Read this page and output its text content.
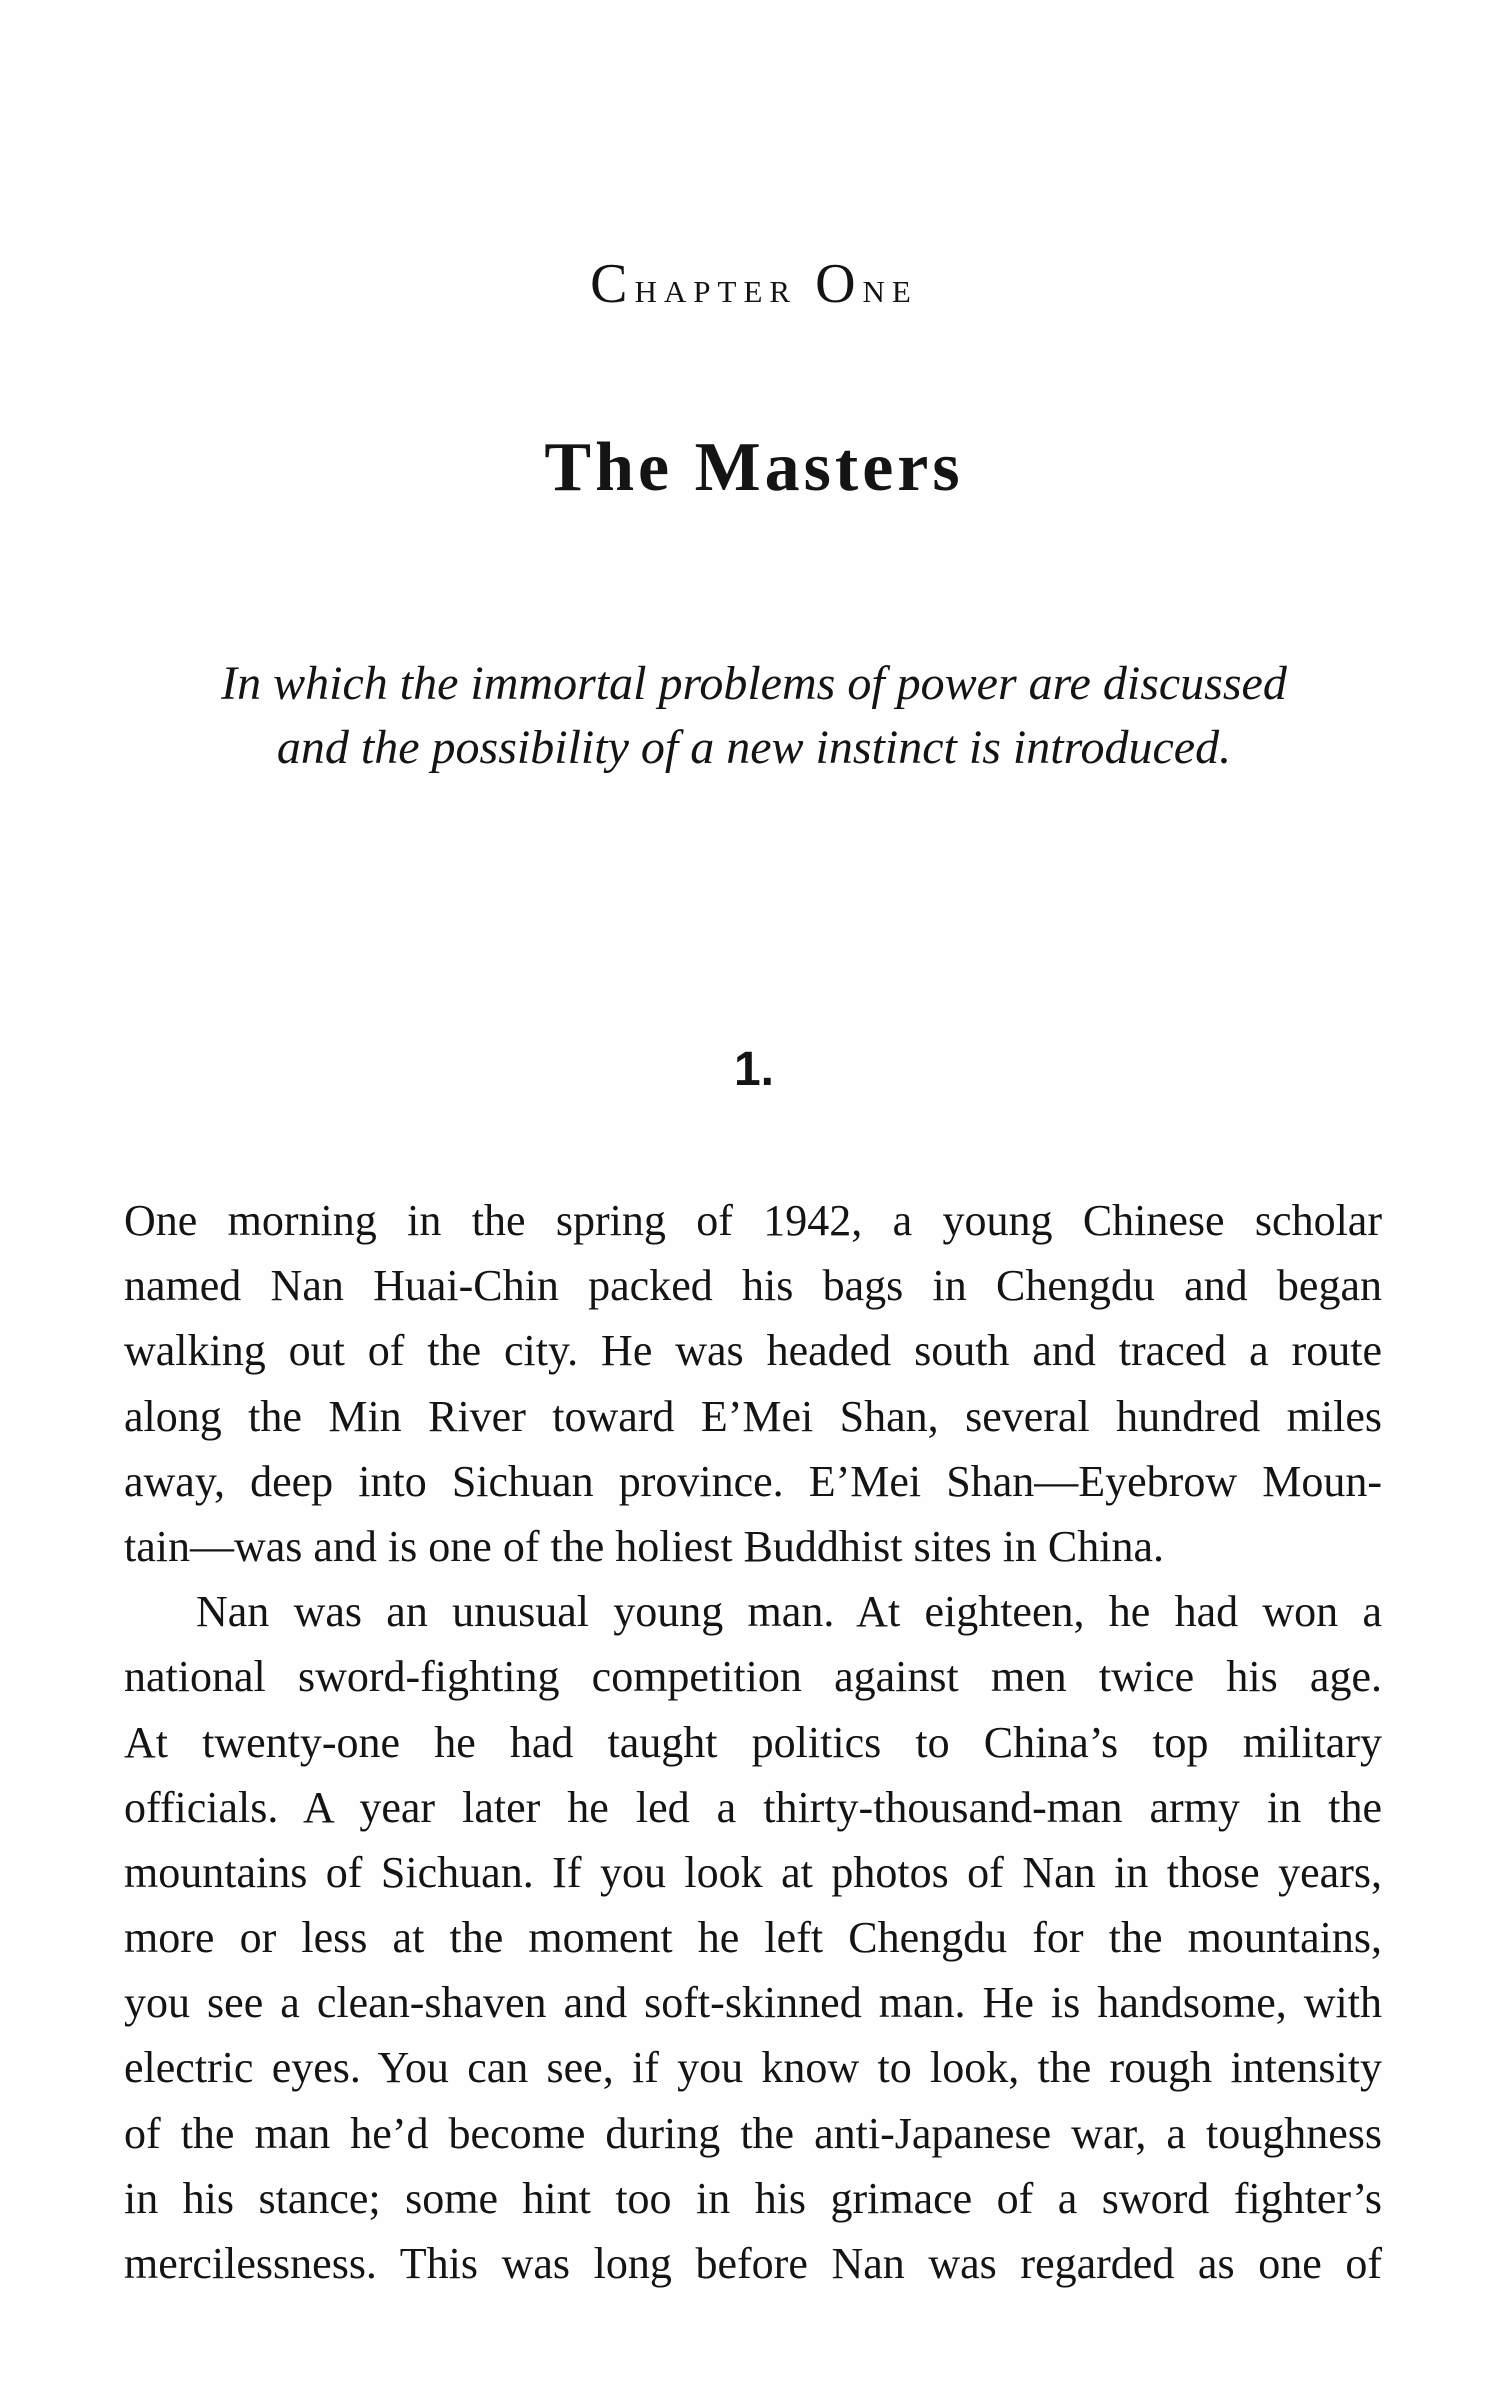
Chapter One
The Masters
In which the immortal problems of power are discussed
and the possibility of a new instinct is introduced.
1.
One morning in the spring of 1942, a young Chinese scholar
named Nan Huai-Chin packed his bags in Chengdu and began
walking out of the city. He was headed south and traced a route
along the Min River toward E’Mei Shan, several hundred miles
away, deep into Sichuan province. E’Mei Shan—Eyebrow Moun-
tain—was and is one of the holiest Buddhist sites in China.
Nan was an unusual young man. At eighteen, he had won a
national sword-fighting competition against men twice his age.
At twenty-one he had taught politics to China’s top military
officials. A year later he led a thirty-thousand-man army in the
mountains of Sichuan. If you look at photos of Nan in those years,
more or less at the moment he left Chengdu for the mountains,
you see a clean-shaven and soft-skinned man. He is handsome, with
electric eyes. You can see, if you know to look, the rough intensity
of the man he’d become during the anti-Japanese war, a toughness
in his stance; some hint too in his grimace of a sword fighter’s
mercilessness. This was long before Nan was regarded as one of
